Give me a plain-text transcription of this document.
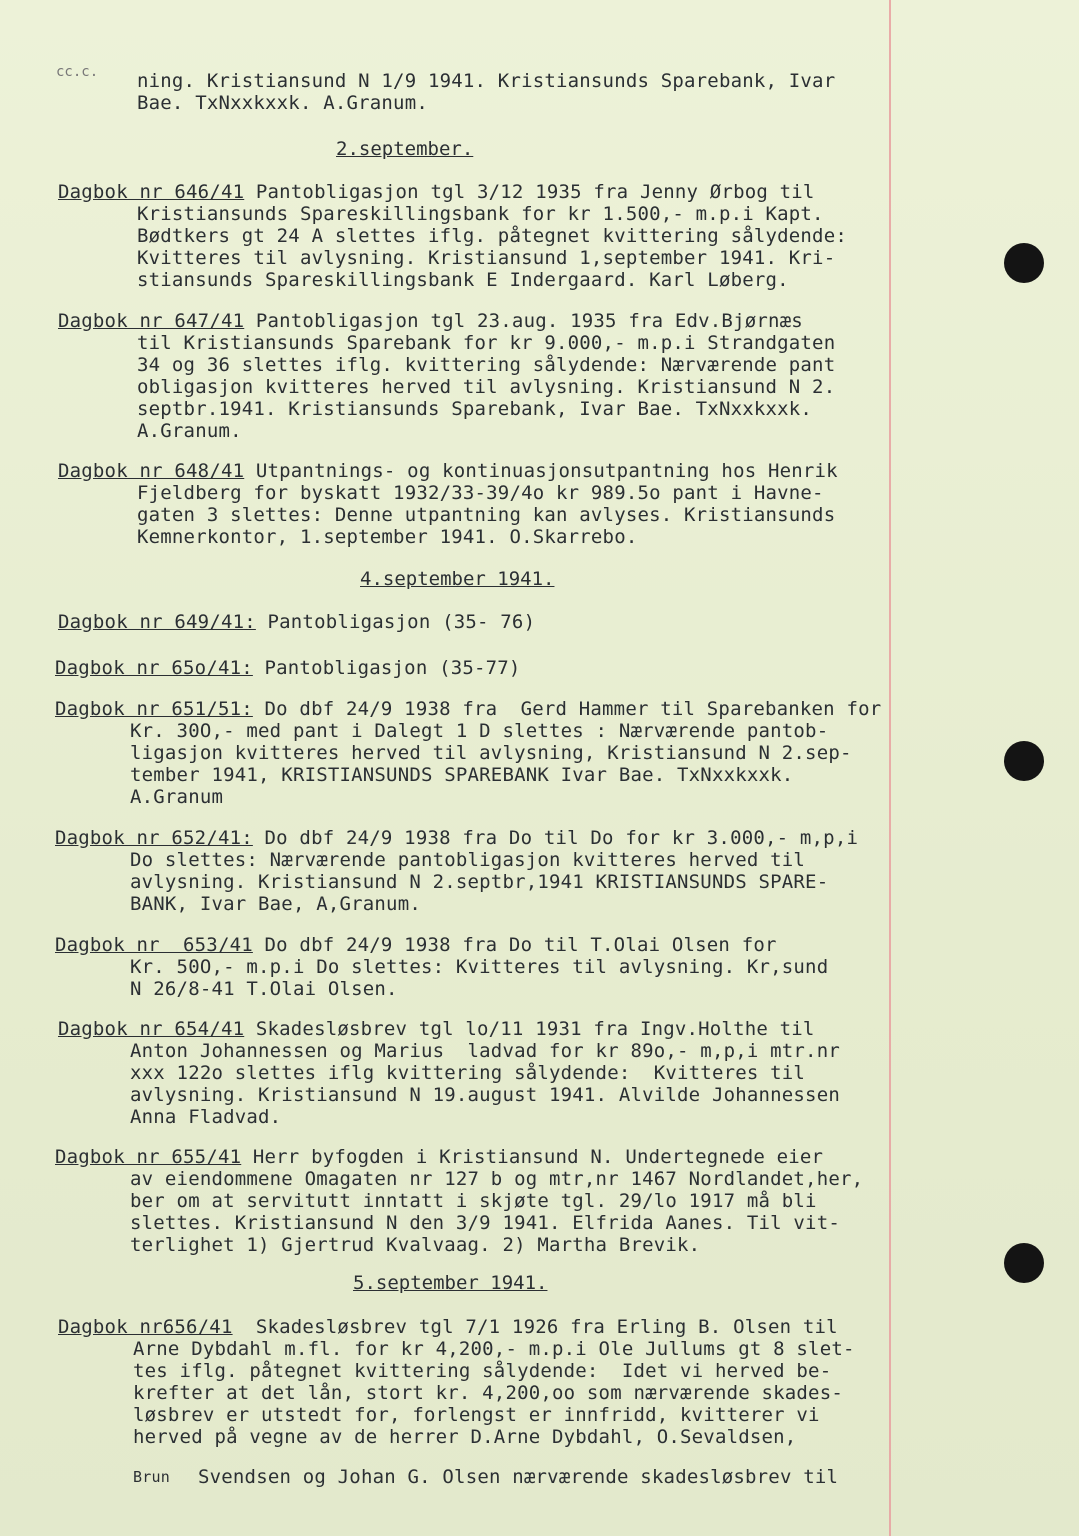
cc.c. ning. Kristiansund N 1/9 1941. Kristiansunds Sparebank, Ivar
Bae. TxNxxkxxk. A.Granum.
2.september.
Dagbok nr 646/41 Pantobligasjon tgl 3/12 1935 fra Jenny Ørbog til
Kristiansunds Spareskillingsbank for kr 1.500,- m.p.i Kapt.
Bødtkers gt 24 A slettes iflg. påtegnet kvittering sålydende:
Kvitteres til avlysning. Kristiansund 1,september 1941. Kri-
stiansunds Spareskillingsbank E Indergaard. Karl Løberg.
Dagbok nr 647/41 Pantobligasjon tgl 23.aug. 1935 fra Edv.Bjørnæs
til Kristiansunds Sparebank for kr 9.000,- m.p.i Strandgaten
34 og 36 slettes iflg. kvittering sålydende: Nærværende pant
obligasjon kvitteres herved til avlysning. Kristiansund N 2.
septbr.1941. Kristiansunds Sparebank, Ivar Bae. TxNxxkxxk.
A.Granum.
Dagbok nr 648/41 Utpantnings- og kontinuasjonsutpantning hos Henrik
Fjeldberg for byskatt 1932/33-39/4o kr 989.5o pant i Havne-
gaten 3 slettes: Denne utpantning kan avlyses. Kristiansunds
Kemnerkontor, 1.september 1941. O.Skarrebo.
4.september 1941.
Dagbok nr 649/41: Pantobligasjon (35- 76)
Dagbok nr 65o/41: Pantobligasjon (35-77)
Dagbok nr 651/51: Do dbf 24/9 1938 fra  Gerd Hammer til Sparebanken for
Kr. 30O,- med pant i Dalegt 1 D slettes : Nærværende pantob-
ligasjon kvitteres herved til avlysning, Kristiansund N 2.sep-
tember 1941, KRISTIANSUNDS SPAREBANK Ivar Bae. TxNxxkxxk.
A.Granum
Dagbok nr 652/41: Do dbf 24/9 1938 fra Do til Do for kr 3.000,- m,p,i
Do slettes: Nærværende pantobligasjon kvitteres herved til
avlysning. Kristiansund N 2.septbr,1941 KRISTIANSUNDS SPARE-
BANK, Ivar Bae, A,Granum.
Dagbok nr  653/41 Do dbf 24/9 1938 fra Do til T.Olai Olsen for
Kr. 50O,- m.p.i Do slettes: Kvitteres til avlysning. Kr,sund
N 26/8-41 T.Olai Olsen.
Dagbok nr 654/41 Skadesløsbrev tgl lo/11 1931 fra Ingv.Holthe til
Anton Johannessen og Marius  ladvad for kr 89o,- m,p,i mtr.nr
xxx 122o slettes iflg kvittering sålydende:  Kvitteres til
avlysning. Kristiansund N 19.august 1941. Alvilde Johannessen
Anna Fladvad.
Dagbok nr 655/41 Herr byfogden i Kristiansund N. Undertegnede eier
av eiendommene Omagaten nr 127 b og mtr,nr 1467 Nordlandet,her,
ber om at servitutt inntatt i skjøte tgl. 29/lo 1917 må bli
slettes. Kristiansund N den 3/9 1941. Elfrida Aanes. Til vit-
terlighet 1) Gjertrud Kvalvaag. 2) Martha Brevik.
5.september 1941.
Dagbok nr656/41  Skadesløsbrev tgl 7/1 1926 fra Erling B. Olsen til
Arne Dybdahl m.fl. for kr 4,200,- m.p.i Ole Jullums gt 8 slet-
tes iflg. påtegnet kvittering sålydende:  Idet vi herved be-
krefter at det lån, stort kr. 4,200,oo som nærværende skades-
løsbrev er utstedt for, forlengst er innfridd, kvitterer vi
herved på vegne av de herrer D.Arne Dybdahl, O.Sevaldsen,
Brun Svendsen og Johan G. Olsen nærværende skadesløsbrev til
